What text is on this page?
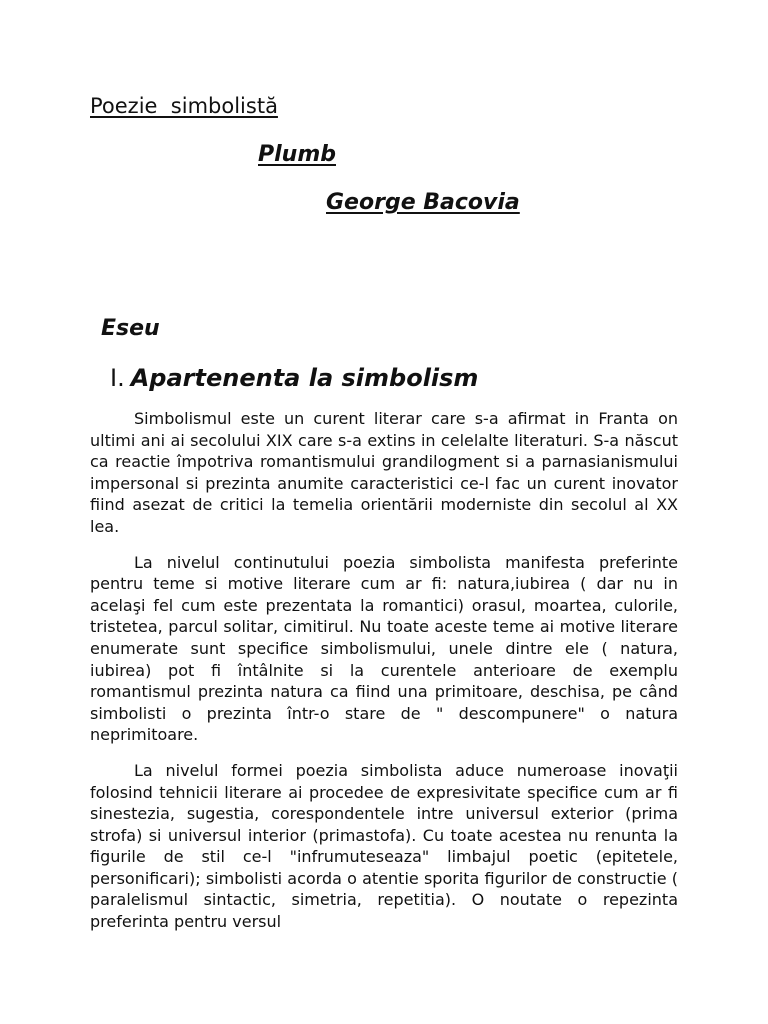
Poezie  simbolistă
Plumb
George Bacovia
Eseu
I. Apartenenta la simbolism

Simbolismul este un curent literar care s-a afirmat in Franta on ultimi ani ai secolului XIX care s-a extins in celelalte literaturi. S-a născut ca reactie împotriva romantismului grandilogment si a parnasianismului impersonal si prezinta anumite caracteristici ce-l fac un curent inovator fiind asezat de critici la temelia orientării moderniste din secolul al XX lea.

La nivelul continutului poezia simbolista manifesta preferinte pentru teme si motive literare cum ar fi: natura,iubirea ( dar nu in acelaşi fel cum este prezentata la romantici) orasul, moartea, culorile, tristetea, parcul solitar, cimitirul. Nu toate aceste teme ai motive literare enumerate sunt specifice simbolismului, unele dintre ele ( natura, iubirea) pot fi întâlnite si la curentele anterioare de exemplu romantismul prezinta natura ca fiind una primitoare, deschisa, pe când simbolisti o prezinta într-o stare de " descompunere" o natura neprimitoare.

La nivelul formei poezia simbolista aduce numeroase inovaţii folosind tehnicii literare ai procedee de expresivitate specifice cum ar fi sinestezia, sugestia, corespondentele intre universul exterior (prima strofa) si universul interior (primastofa). Cu toate acestea nu renunta la figurile de stil ce-l "infrumuteseaza" limbajul poetic (epitetele, personificari); simbolisti acorda o atentie sporita figurilor de constructie ( paralelismul sintactic, simetria, repetitia). O noutate o repezinta preferinta pentru versul
